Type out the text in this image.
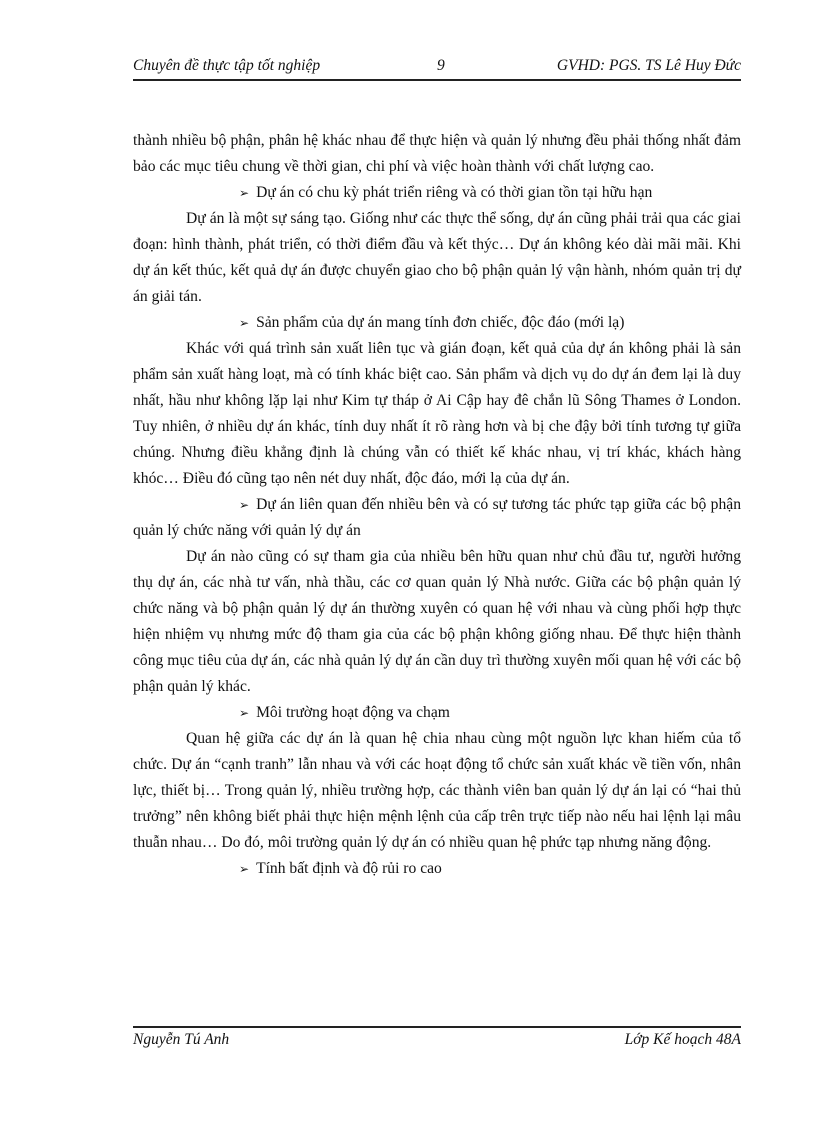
Chuyên đề thực tập tốt nghiệp	9	GVHD: PGS. TS Lê Huy Đức

thành nhiều bộ phận, phân hệ khác nhau để thực hiện và quản lý nhưng đều phải thống nhất đảm bảo các mục tiêu chung về thời gian, chi phí và việc hoàn thành với chất lượng cao.

➢ Dự án có chu kỳ phát triển riêng và có thời gian tồn tại hữu hạn

Dự án là một sự sáng tạo. Giống như các thực thể sống, dự án cũng phải trải qua các giai đoạn: hình thành, phát triển, có thời điểm đầu và kết thýc… Dự án không kéo dài mãi mãi. Khi dự án kết thúc, kết quả dự án được chuyển giao cho bộ phận quản lý vận hành, nhóm quản trị dự án giải tán.

➢ Sản phẩm của dự án mang tính đơn chiếc, độc đáo (mới lạ)

Khác với quá trình sản xuất liên tục và gián đoạn, kết quả của dự án không phải là sản phẩm sản xuất hàng loạt, mà có tính khác biệt cao. Sản phẩm và dịch vụ do dự án đem lại là duy nhất, hầu như không lặp lại như Kim tự tháp ở Ai Cập hay đê chắn lũ Sông Thames ở London. Tuy nhiên, ở nhiều dự án khác, tính duy nhất ít rõ ràng hơn và bị che đậy bởi tính tương tự giữa chúng. Nhưng điều khẳng định là chúng vẫn có thiết kế khác nhau, vị trí khác, khách hàng khóc… Điều đó cũng tạo nên nét duy nhất, độc đáo, mới lạ của dự án.

➢ Dự án liên quan đến nhiều bên và có sự tương tác phức tạp giữa các bộ phận quản lý chức năng với quản lý dự án

Dự án nào cũng có sự tham gia của nhiều bên hữu quan như chủ đầu tư, người hưởng thụ dự án, các nhà tư vấn, nhà thầu, các cơ quan quản lý Nhà nước. Giữa các bộ phận quản lý chức năng và bộ phận quản lý dự án thường xuyên có quan hệ với nhau và cùng phối hợp thực hiện nhiệm vụ nhưng mức độ tham gia của các bộ phận không giống nhau. Để thực hiện thành công mục tiêu của dự án, các nhà quản lý dự án cần duy trì thường xuyên mối quan hệ với các bộ phận quản lý khác.

➢ Môi trường hoạt động va chạm

Quan hệ giữa các dự án là quan hệ chia nhau cùng một nguồn lực khan hiếm của tổ chức. Dự án “cạnh tranh” lẫn nhau và với các hoạt động tổ chức sản xuất khác về tiền vốn, nhân lực, thiết bị… Trong quản lý, nhiều trường hợp, các thành viên ban quản lý dự án lại có “hai thủ trưởng” nên không biết phải thực hiện mệnh lệnh của cấp trên trực tiếp nào nếu hai lệnh lại mâu thuẫn nhau… Do đó, môi trường quản lý dự án có nhiều quan hệ phức tạp nhưng năng động.

➢ Tính bất định và độ rủi ro cao

Nguyễn Tú Anh	Lớp Kế hoạch 48A
